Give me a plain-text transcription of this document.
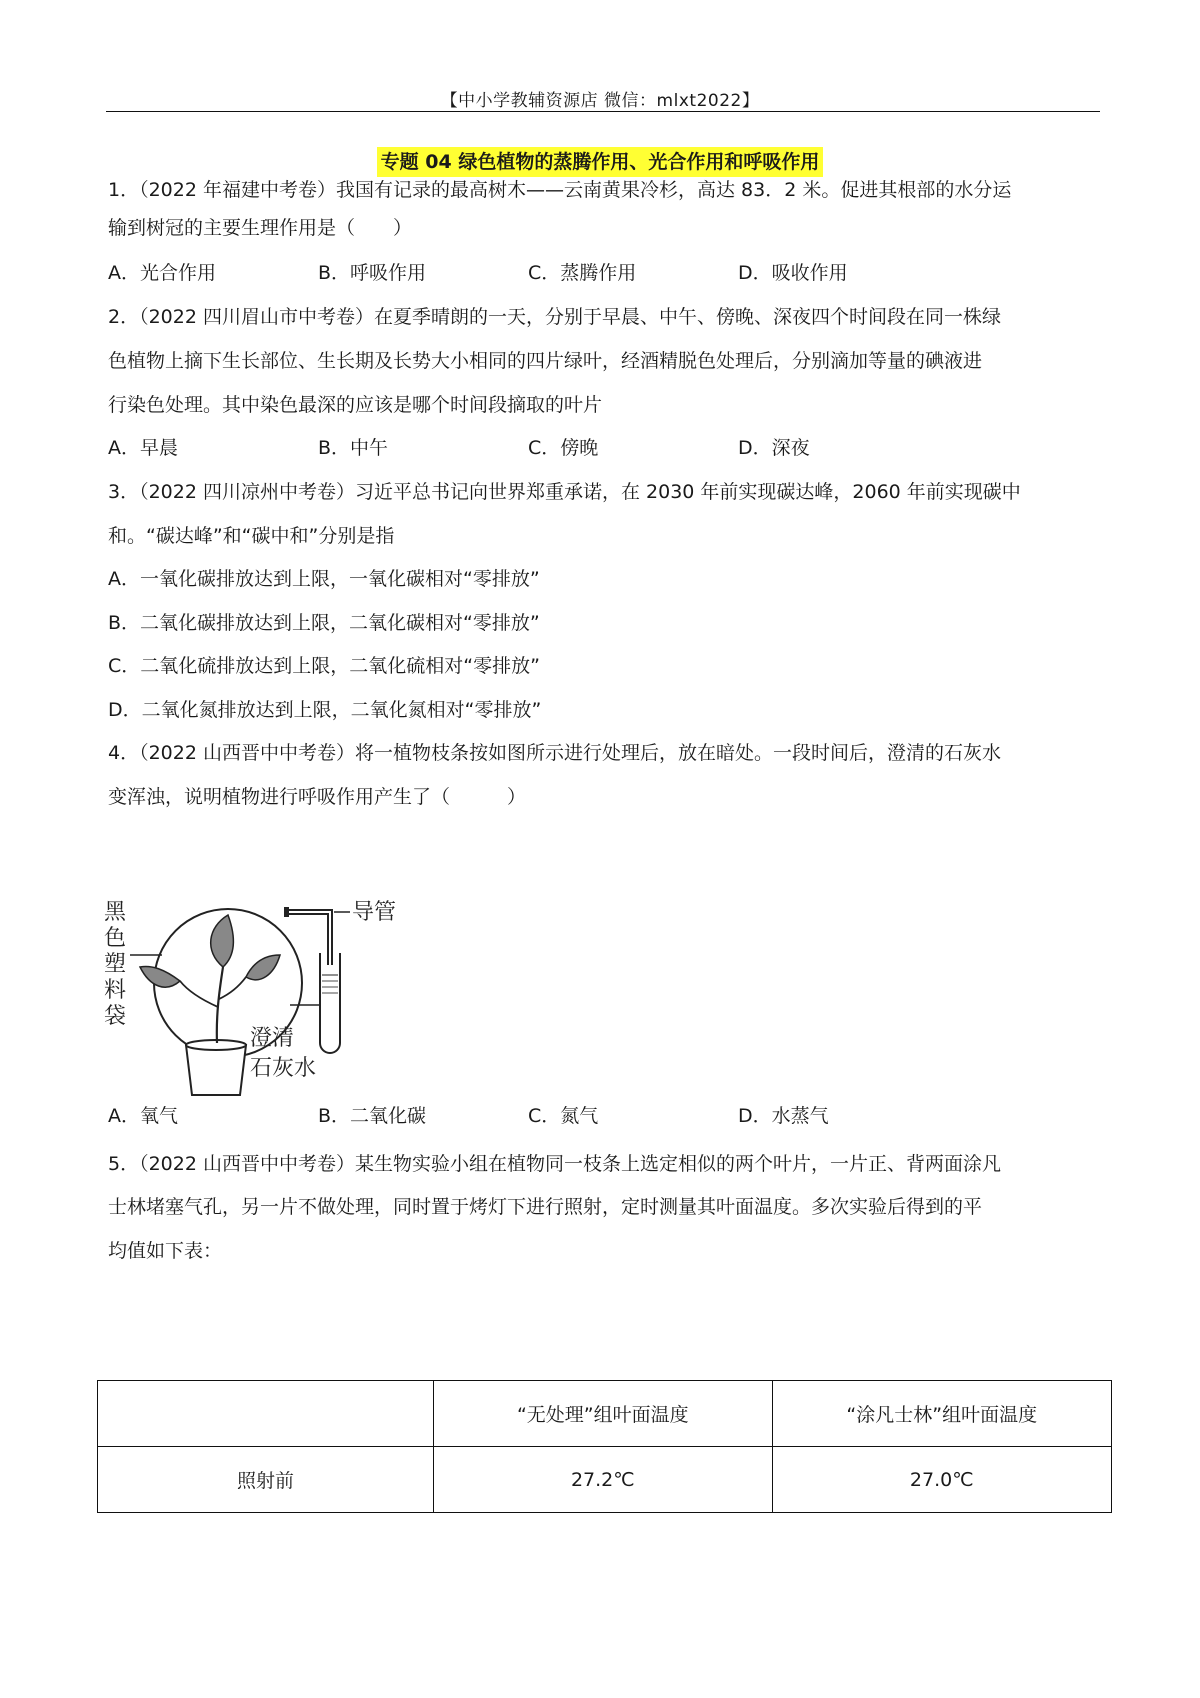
【中小学教辅资源店 微信：mlxt2022】
专题 04 绿色植物的蒸腾作用、光合作用和呼吸作用
1．（2022 年福建中考卷）我国有记录的最高树木——云南黄果冷杉，高达 83．2 米。促进其根部的水分运
输到树冠的主要生理作用是（　　）
A．光合作用	B．呼吸作用	C．蒸腾作用	D．吸收作用
2．（2022 四川眉山市中考卷）在夏季晴朗的一天，分别于早晨、中午、傍晚、深夜四个时间段在同一株绿
色植物上摘下生长部位、生长期及长势大小相同的四片绿叶，经酒精脱色处理后，分别滴加等量的碘液进
行染色处理。其中染色最深的应该是哪个时间段摘取的叶片
A．早晨	B．中午	C．傍晚	D．深夜
3．（2022 四川凉州中考卷）习近平总书记向世界郑重承诺，在 2030 年前实现碳达峰，2060 年前实现碳中
和。“碳达峰”和“碳中和”分别是指
A．一氧化碳排放达到上限，一氧化碳相对“零排放”
B．二氧化碳排放达到上限，二氧化碳相对“零排放”
C．二氧化硫排放达到上限，二氧化硫相对“零排放”
D．二氧化氮排放达到上限，二氧化氮相对“零排放”
4．（2022 山西晋中中考卷）将一植物枝条按如图所示进行处理后，放在暗处。一段时间后，澄清的石灰水
变浑浊，说明植物进行呼吸作用产生了（　　　）
黑
色
塑
料
袋
导管
澄清
石灰水
A．氧气	B．二氧化碳	C．氮气	D．水蒸气
5．（2022 山西晋中中考卷）某生物实验小组在植物同一枝条上选定相似的两个叶片，一片正、背两面涂凡
士林堵塞气孔，另一片不做处理，同时置于烤灯下进行照射，定时测量其叶面温度。多次实验后得到的平
均值如下表：
	“无处理”组叶面温度	“涂凡士林”组叶面温度
照射前	27.2℃	27.0℃
